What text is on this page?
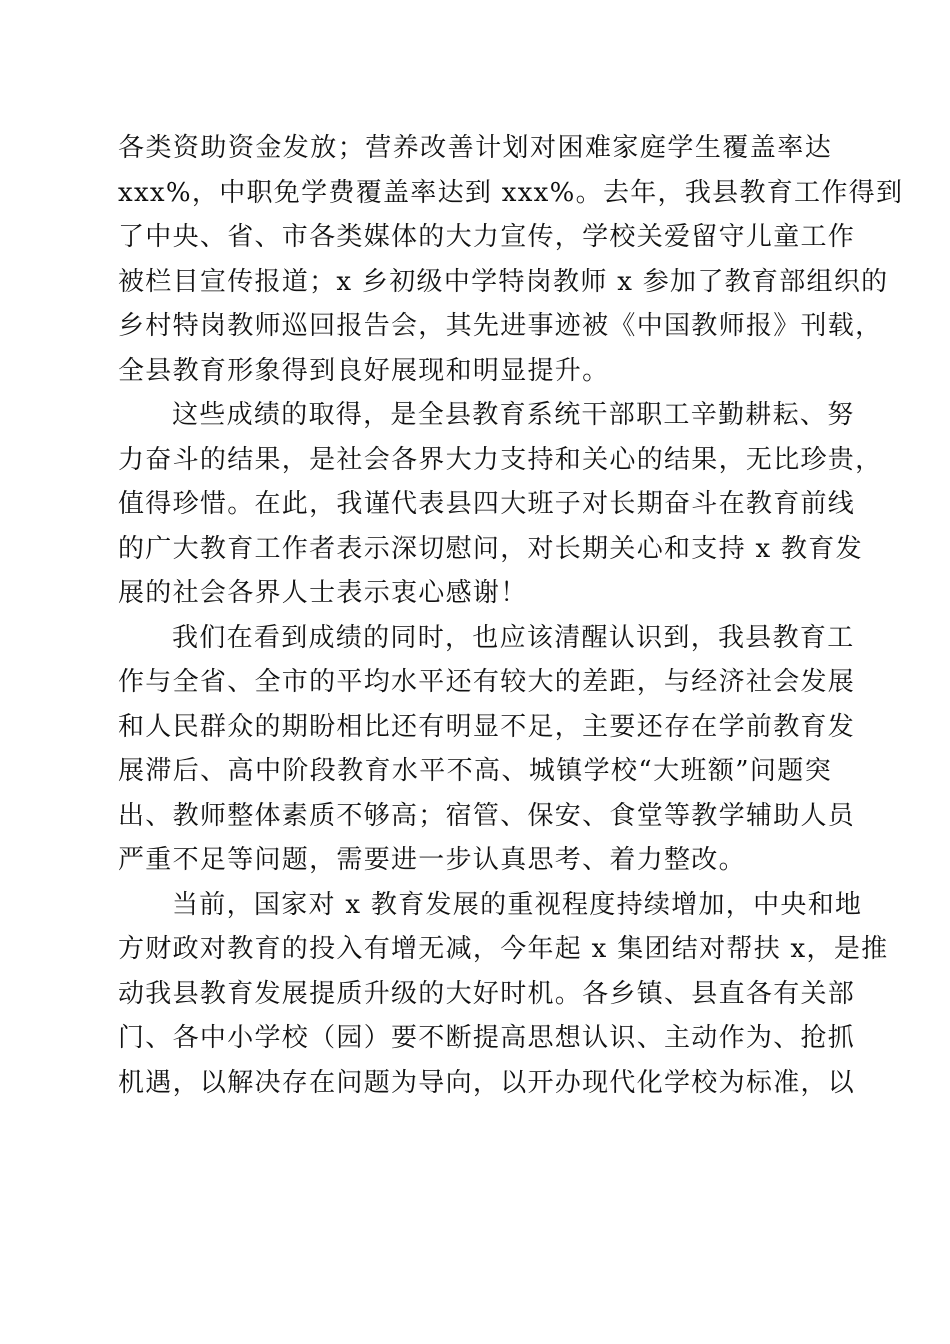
各类资助资金发放；营养改善计划对困难家庭学生覆盖率达
xxx%，中职免学费覆盖率达到 xxx%。去年，我县教育工作得到
了中央、省、市各类媒体的大力宣传，学校关爱留守儿童工作
被栏目宣传报道；x 乡初级中学特岗教师 x 参加了教育部组织的
乡村特岗教师巡回报告会，其先进事迹被《中国教师报》刊载，
全县教育形象得到良好展现和明显提升。
这些成绩的取得，是全县教育系统干部职工辛勤耕耘、努
力奋斗的结果，是社会各界大力支持和关心的结果，无比珍贵，
值得珍惜。在此，我谨代表县四大班子对长期奋斗在教育前线
的广大教育工作者表示深切慰问，对长期关心和支持 x 教育发
展的社会各界人士表示衷心感谢！
我们在看到成绩的同时，也应该清醒认识到，我县教育工
作与全省、全市的平均水平还有较大的差距，与经济社会发展
和人民群众的期盼相比还有明显不足，主要还存在学前教育发
展滞后、高中阶段教育水平不高、城镇学校“大班额”问题突
出、教师整体素质不够高；宿管、保安、食堂等教学辅助人员
严重不足等问题，需要进一步认真思考、着力整改。
当前，国家对 x 教育发展的重视程度持续增加，中央和地
方财政对教育的投入有增无减，今年起 x 集团结对帮扶 x，是推
动我县教育发展提质升级的大好时机。各乡镇、县直各有关部
门、各中小学校（园）要不断提高思想认识、主动作为、抢抓
机遇，以解决存在问题为导向，以开办现代化学校为标准，以
